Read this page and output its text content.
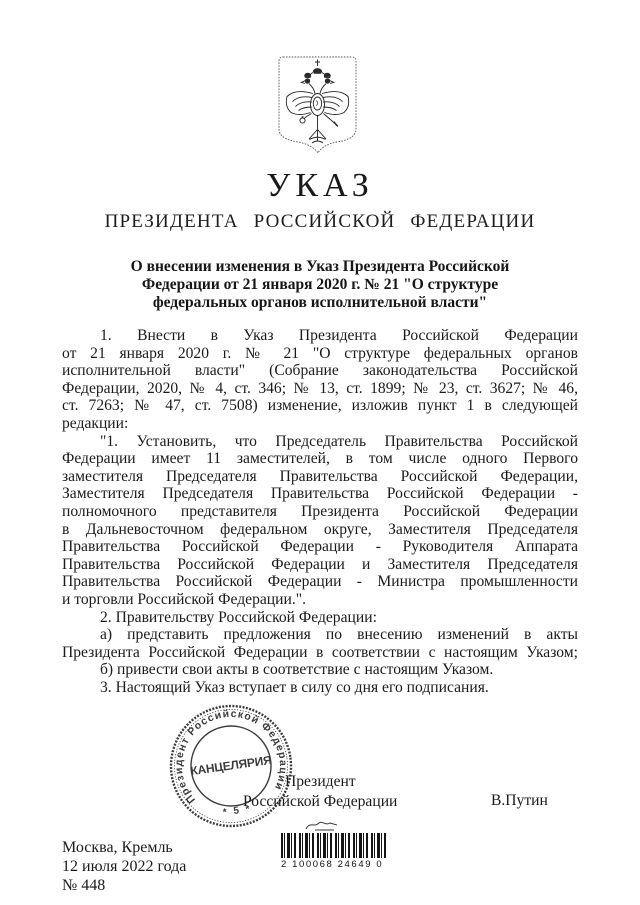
УКАЗ
ПРЕЗИДЕНТА РОССИЙСКОЙ ФЕДЕРАЦИИ
О внесении изменения в Указ Президента Российской
Федерации от 21 января 2020 г. № 21 "О структуре
федеральных органов исполнительной власти"
1. Внести в Указ Президента Российской Федерации
от 21 января 2020 г. № 21 "О структуре федеральных органов
исполнительной власти" (Собрание законодательства Российской
Федерации, 2020, № 4, ст. 346; № 13, ст. 1899; № 23, ст. 3627; № 46,
ст. 7263; № 47, ст. 7508) изменение, изложив пункт 1 в следующей
редакции:
"1. Установить, что Председатель Правительства Российской
Федерации имеет 11 заместителей, в том числе одного Первого
заместителя Председателя Правительства Российской Федерации,
Заместителя Председателя Правительства Российской Федерации -
полномочного представителя Президента Российской Федерации
в Дальневосточном федеральном округе, Заместителя Председателя
Правительства Российской Федерации - Руководителя Аппарата
Правительства Российской Федерации и Заместителя Председателя
Правительства Российской Федерации - Министра промышленности
и торговли Российской Федерации.".
2. Правительству Российской Федерации:
а) представить предложения по внесению изменений в акты
Президента Российской Федерации в соответствии с настоящим Указом;
б) привести свои акты в соответствие с настоящим Указом.
3. Настоящий Указ вступает в силу со дня его подписания.
Президент
Российской Федерации	В.Путин
Президент Российской Федерации
КАНЦЕЛЯРИЯ
* 5 *
Москва, Кремль
12 июля 2022 года
№ 448
2 100068 24649 0
